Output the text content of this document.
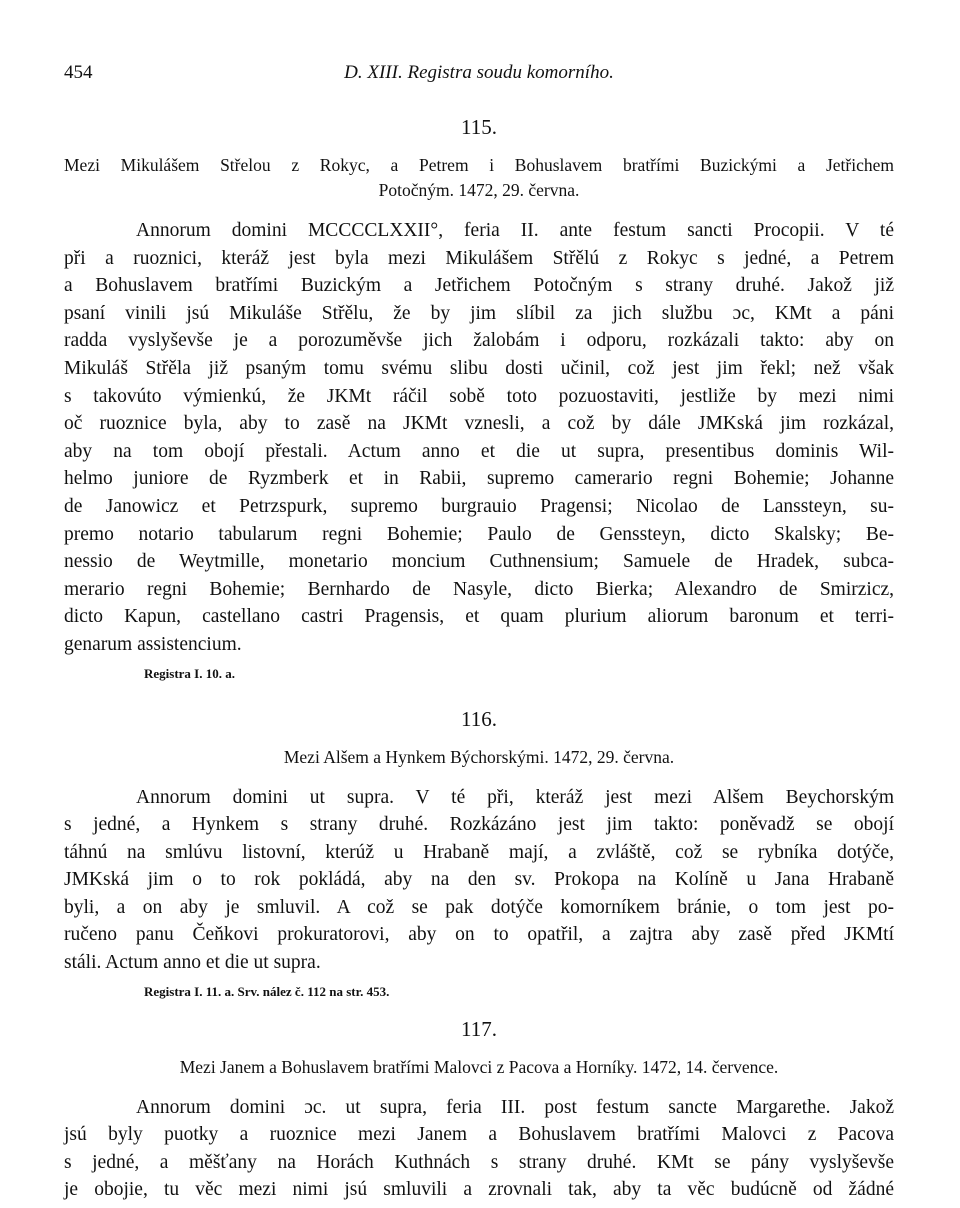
454	D. XIII. Registra soudu komorního.
115.

Mezi Mikulášem Střelou z Rokyc, a Petrem i Bohuslavem bratřími Buzickými a Jetřichem
Potočným. 1472, 29. června.

Annorum domini MCCCCLXXII°, feria II. ante festum sancti Procopii. V té
při a ruoznici, kteráž jest byla mezi Mikulášem Střělú z Rokyc s jedné, a Petrem
a Bohuslavem bratřími Buzickým a Jetřichem Potočným s strany druhé. Jakož již
psaní vinili jsú Mikuláše Střělu, že by jim slíbil za jich službu ɔc, KMt a páni
radda vyslyševše je a porozuměvše jich žalobám i odporu, rozkázali takto: aby on
Mikuláš Střěla již psaným tomu svému slibu dosti učinil, což jest jim řekl; než však
s takovúto výmienkú, že JKMt ráčil sobě toto pozuostaviti, jestliže by mezi nimi
oč ruoznice byla, aby to zasě na JKMt vznesli, a což by dále JMKská jim rozkázal,
aby na tom obojí přestali. Actum anno et die ut supra, presentibus dominis Wil-
helmo juniore de Ryzmberk et in Rabii, supremo camerario regni Bohemie; Johanne
de Janowicz et Petrzspurk, supremo burgrauio Pragensi; Nicolao de Lanssteyn, su-
premo notario tabularum regni Bohemie; Paulo de Genssteyn, dicto Skalsky; Be-
nessio de Weytmille, monetario moncium Cuthnensium; Samuele de Hradek, subca-
merario regni Bohemie; Bernhardo de Nasyle, dicto Bierka; Alexandro de Smirzicz,
dicto Kapun, castellano castri Pragensis, et quam plurium aliorum baronum et terri-
genarum assistencium.

Registra I. 10. a.
116.

Mezi Alšem a Hynkem Býchorskými. 1472, 29. června.

Annorum domini ut supra. V té při, kteráž jest mezi Alšem Beychorským
s jedné, a Hynkem s strany druhé. Rozkázáno jest jim takto: poněvadž se obojí
táhnú na smlúvu listovní, kterúž u Hrabaně mají, a zvláště, což se rybníka dotýče,
JMKská jim o to rok pokládá, aby na den sv. Prokopa na Kolíně u Jana Hrabaně
byli, a on aby je smluvil. A což se pak dotýče komorníkem bránie, o tom jest po-
ručeno panu Čeňkovi prokuratorovi, aby on to opatřil, a zajtra aby zasě před JKMtí
stáli. Actum anno et die ut supra.

Registra I. 11. a. Srv. nález č. 112 na str. 453.
117.

Mezi Janem a Bohuslavem bratřími Malovci z Pacova a Horníky. 1472, 14. července.

Annorum domini ɔc. ut supra, feria III. post festum sancte Margarethe. Jakož
jsú byly puotky a ruoznice mezi Janem a Bohuslavem bratřími Malovci z Pacova
s jedné, a měšťany na Horách Kuthnách s strany druhé. KMt se pány vyslyševše
je obojie, tu věc mezi nimi jsú smluvili a zrovnali tak, aby ta věc budúcně od žádné
